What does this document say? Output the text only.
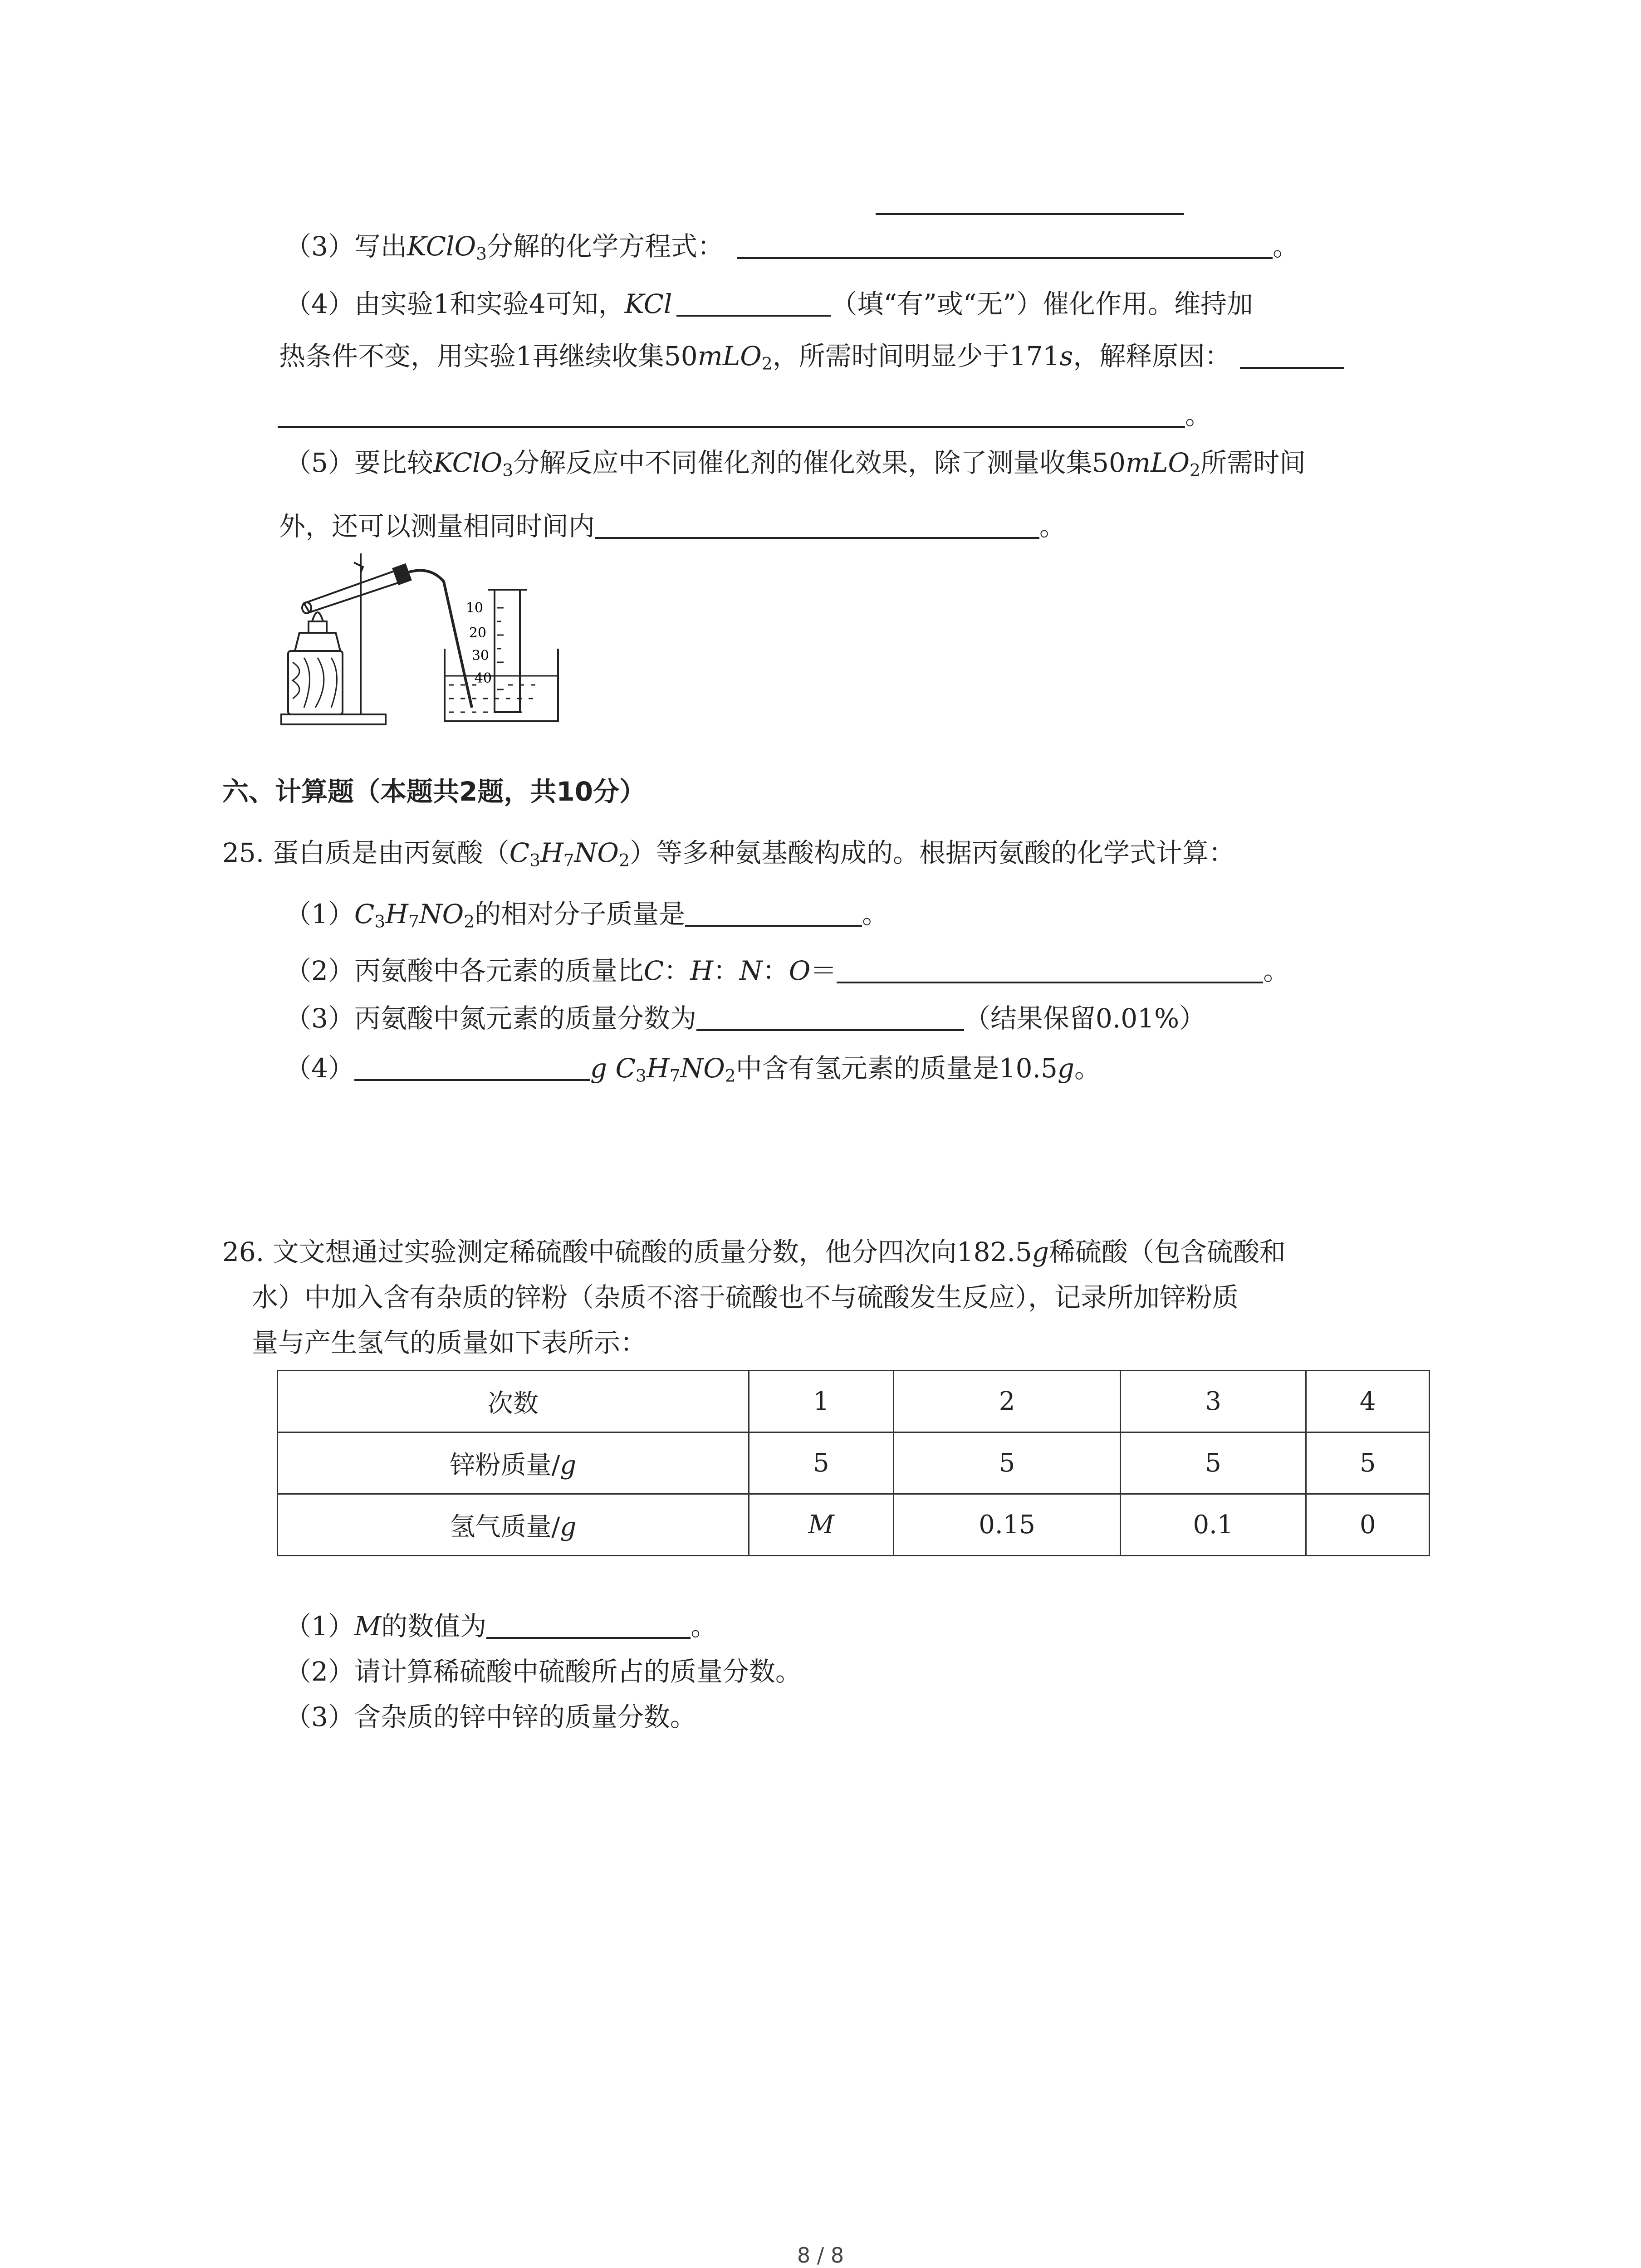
（3）写出KClO$_3$分解的化学方程式：	。
（4）由实验1和实验4可知，KCl	（填“有”或“无”）催化作用。维持加
热条件不变，用实验1再继续收集50mLO$_2$，所需时间明显少于171s，解释原因：
。
（5）要比较KClO$_3$分解反应中不同催化剂的催化效果，除了测量收集50mLO$_2$所需时间
外，还可以测量相同时间内	。
10
20
30
40
六、计算题（本题共2题，共10分）
25. 蛋白质是由丙氨酸$(C_3H_7NO_2)$等多种氨基酸构成的。根据丙氨酸的化学式计算：
$(1)C_3H_7NO_2$的相对分子质量是	。
（2）丙氨酸中各元素的质量比C：H：N：O＝	。
（3）丙氨酸中氮元素的质量分数为	（结果保留0.01%）
（4）	g $C_3H_7NO_2$中含有氢元素的质量是10.5g。
26. 文文想通过实验测定稀硫酸中硫酸的质量分数，他分四次向182.5g稀硫酸（包含硫酸和
水）中加入含有杂质的锌粉（杂质不溶于硫酸也不与硫酸发生反应），记录所加锌粉质
量与产生氢气的质量如下表所示：
次数	1	2	3	4
锌粉质量/g	5	5	5	5
氢气质量/g	M	0.15	0.1	0
（1）M的数值为	。
（2）请计算稀硫酸中硫酸所占的质量分数。
（3）含杂质的锌中锌的质量分数。
8 / 8
